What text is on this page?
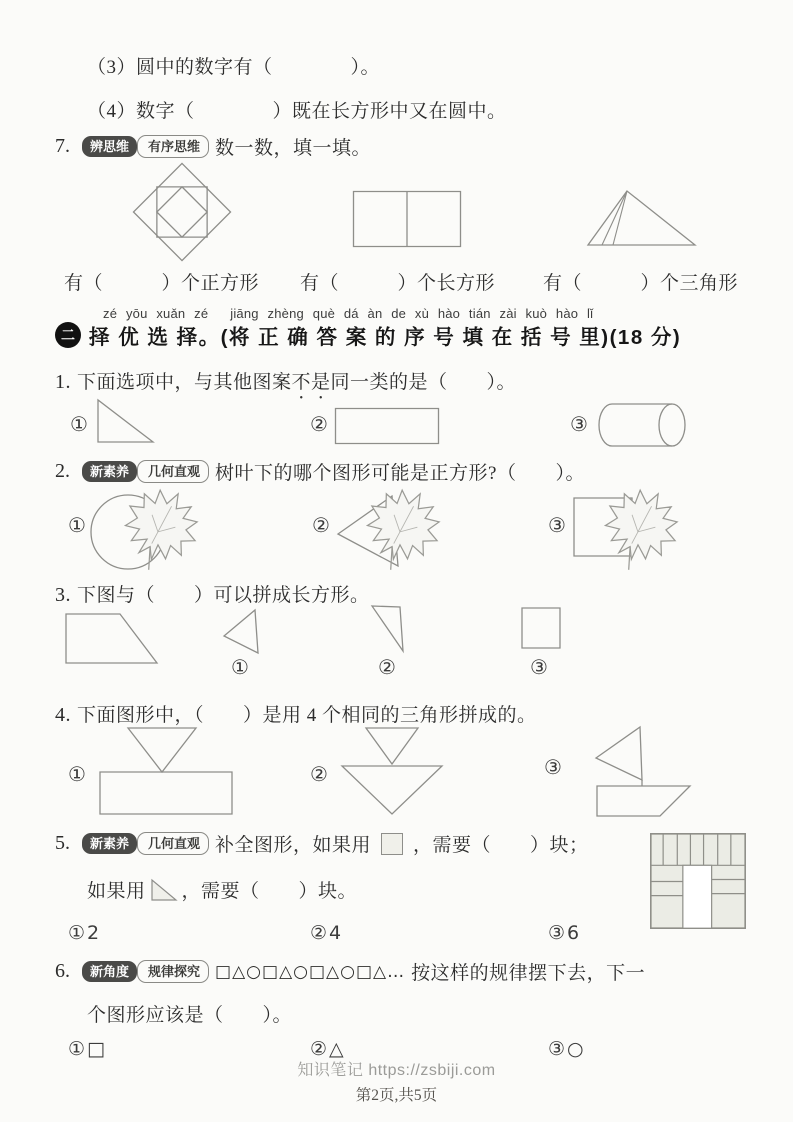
（3）圆中的数字有（　　　　）。
（4）数字（　　　　）既在长方形中又在圆中。
7.	辨思维	有序思维 数一数，填一填。
有（　　　）个正方形 有（　　　）个长方形	有（　　　）个三角形
zé yōu xuǎn zé　 jiāng zhèng què dá àn de xù hào tián zài kuò hào lǐ
二 择 优 选 择。(将 正 确 答 案 的 序 号 填 在 括 号 里)(18 分)
1. 下面选项中，与其他图案不是同一类的是（　　）。
①	②	③
2.	新素养	几何直观 树叶下的哪个图形可能是正方形?（　　）。
①	②	③
3. 下图与（　　）可以拼成长方形。
①	②	③
4. 下面图形中，（　　）是用 4 个相同的三角形拼成的。
①	②	③
5.	新素养	几何直观 补全图形，如果用 ，需要（　　）块；
如果用 ，需要（　　）块。
①2	②4	③6
6.	新角度	规律探究 □△○□△○□△○□△… 按这样的规律摆下去，下一
个图形应该是（　　）。
①□	②△	③○
知识笔记 https://zsbiji.com
第2页,共5页
